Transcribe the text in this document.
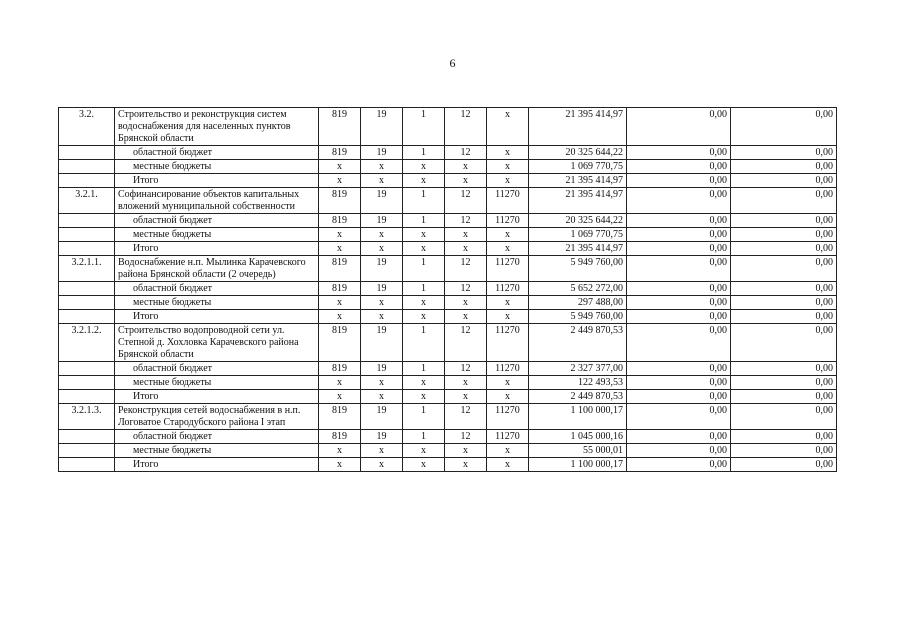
6
3.2.	Строительство и реконструкция систем водоснабжения для населенных пунктов Брянской области	819	19	1	12	x	21 395 414,97	0,00	0,00
	областной бюджет	819	19	1	12	x	20 325 644,22	0,00	0,00
	местные бюджеты	x	x	x	x	x	1 069 770,75	0,00	0,00
	Итого	x	x	x	x	x	21 395 414,97	0,00	0,00
3.2.1.	Софинансирование объектов капитальных вложений муниципальной собственности	819	19	1	12	11270	21 395 414,97	0,00	0,00
	областной бюджет	819	19	1	12	11270	20 325 644,22	0,00	0,00
	местные бюджеты	x	x	x	x	x	1 069 770,75	0,00	0,00
	Итого	x	x	x	x	x	21 395 414,97	0,00	0,00
3.2.1.1.	Водоснабжение н.п. Мылинка Карачевского района Брянской области (2 очередь)	819	19	1	12	11270	5 949 760,00	0,00	0,00
	областной бюджет	819	19	1	12	11270	5 652 272,00	0,00	0,00
	местные бюджеты	x	x	x	x	x	297 488,00	0,00	0,00
	Итого	x	x	x	x	x	5 949 760,00	0,00	0,00
3.2.1.2.	Строительство водопроводной сети ул. Степной д. Хохловка Карачевского района Брянской области	819	19	1	12	11270	2 449 870,53	0,00	0,00
	областной бюджет	819	19	1	12	11270	2 327 377,00	0,00	0,00
	местные бюджеты	x	x	x	x	x	122 493,53	0,00	0,00
	Итого	x	x	x	x	x	2 449 870,53	0,00	0,00
3.2.1.3.	Реконструкция сетей водоснабжения в н.п. Логоватое Стародубского района I этап	819	19	1	12	11270	1 100 000,17	0,00	0,00
	областной бюджет	819	19	1	12	11270	1 045 000,16	0,00	0,00
	местные бюджеты	x	x	x	x	x	55 000,01	0,00	0,00
	Итого	x	x	x	x	x	1 100 000,17	0,00	0,00
